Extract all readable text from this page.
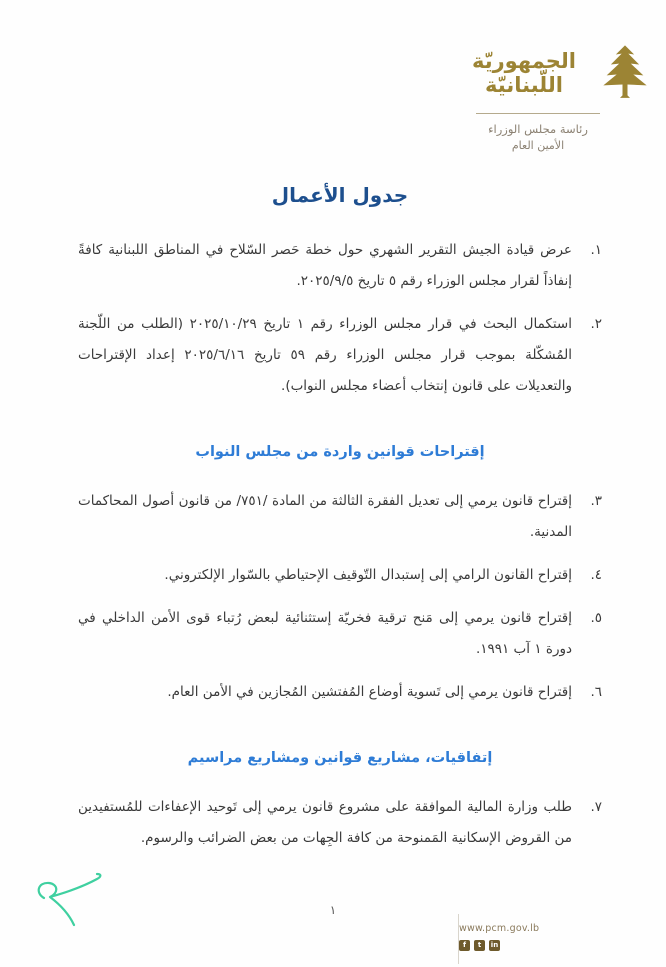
الجمهوريّة
اللّبنانيّة
رئاسة مجلس الوزراء
الأمين العام
جدول الأعمال
١.
عرض قيادة الجيش التقرير الشهري حول خطة حَصر السّلاح في المناطق اللبنانية كافةً إنفاذاً لقرار مجلس الوزراء رقم ٥ تاريخ ٢٠٢٥/٩/٥.
٢.
استكمال البحث في قرار مجلس الوزراء رقم ١ تاريخ ٢٠٢٥/١٠/٢٩ (الطلب من اللّجنة المُشكّلة بموجب قرار مجلس الوزراء رقم ٥٩ تاريخ ٢٠٢٥/٦/١٦ إعداد الإقتراحات والتعديلات على قانون إنتخاب أعضاء مجلس النواب).
إقتراحات قوانين واردة من مجلس النواب
٣.
إقتراح قانون يرمي إلى تعديل الفقرة الثالثة من المادة /٧٥١/ من قانون أصول المحاكمات المدنية.
٤.
إقتراح القانون الرامي إلى إستبدال التّوقيف الإحتياطي بالسّوار الإلكتروني.
٥.
إقتراح قانون يرمي إلى مَنح ترقية فخريّة إستثنائية لبعض رُتباء قوى الأمن الداخلي في دورة ١ آب ١٩٩١.
٦.
إقتراح قانون يرمي إلى تَسوية أوضاع المُفتشين المُجازين في الأمن العام.
إتفاقيات، مشاريع قوانين ومشاريع مراسيم
٧.
طلب وزارة المالية الموافقة على مشروع قانون يرمي إلى تَوحيد الإعفاءات للمُستفيدين من القروض الإسكانية المَمنوحة من كافة الجِهات من بعض الضرائب والرسوم.
١
www.pcm.gov.lb
f	t	in
